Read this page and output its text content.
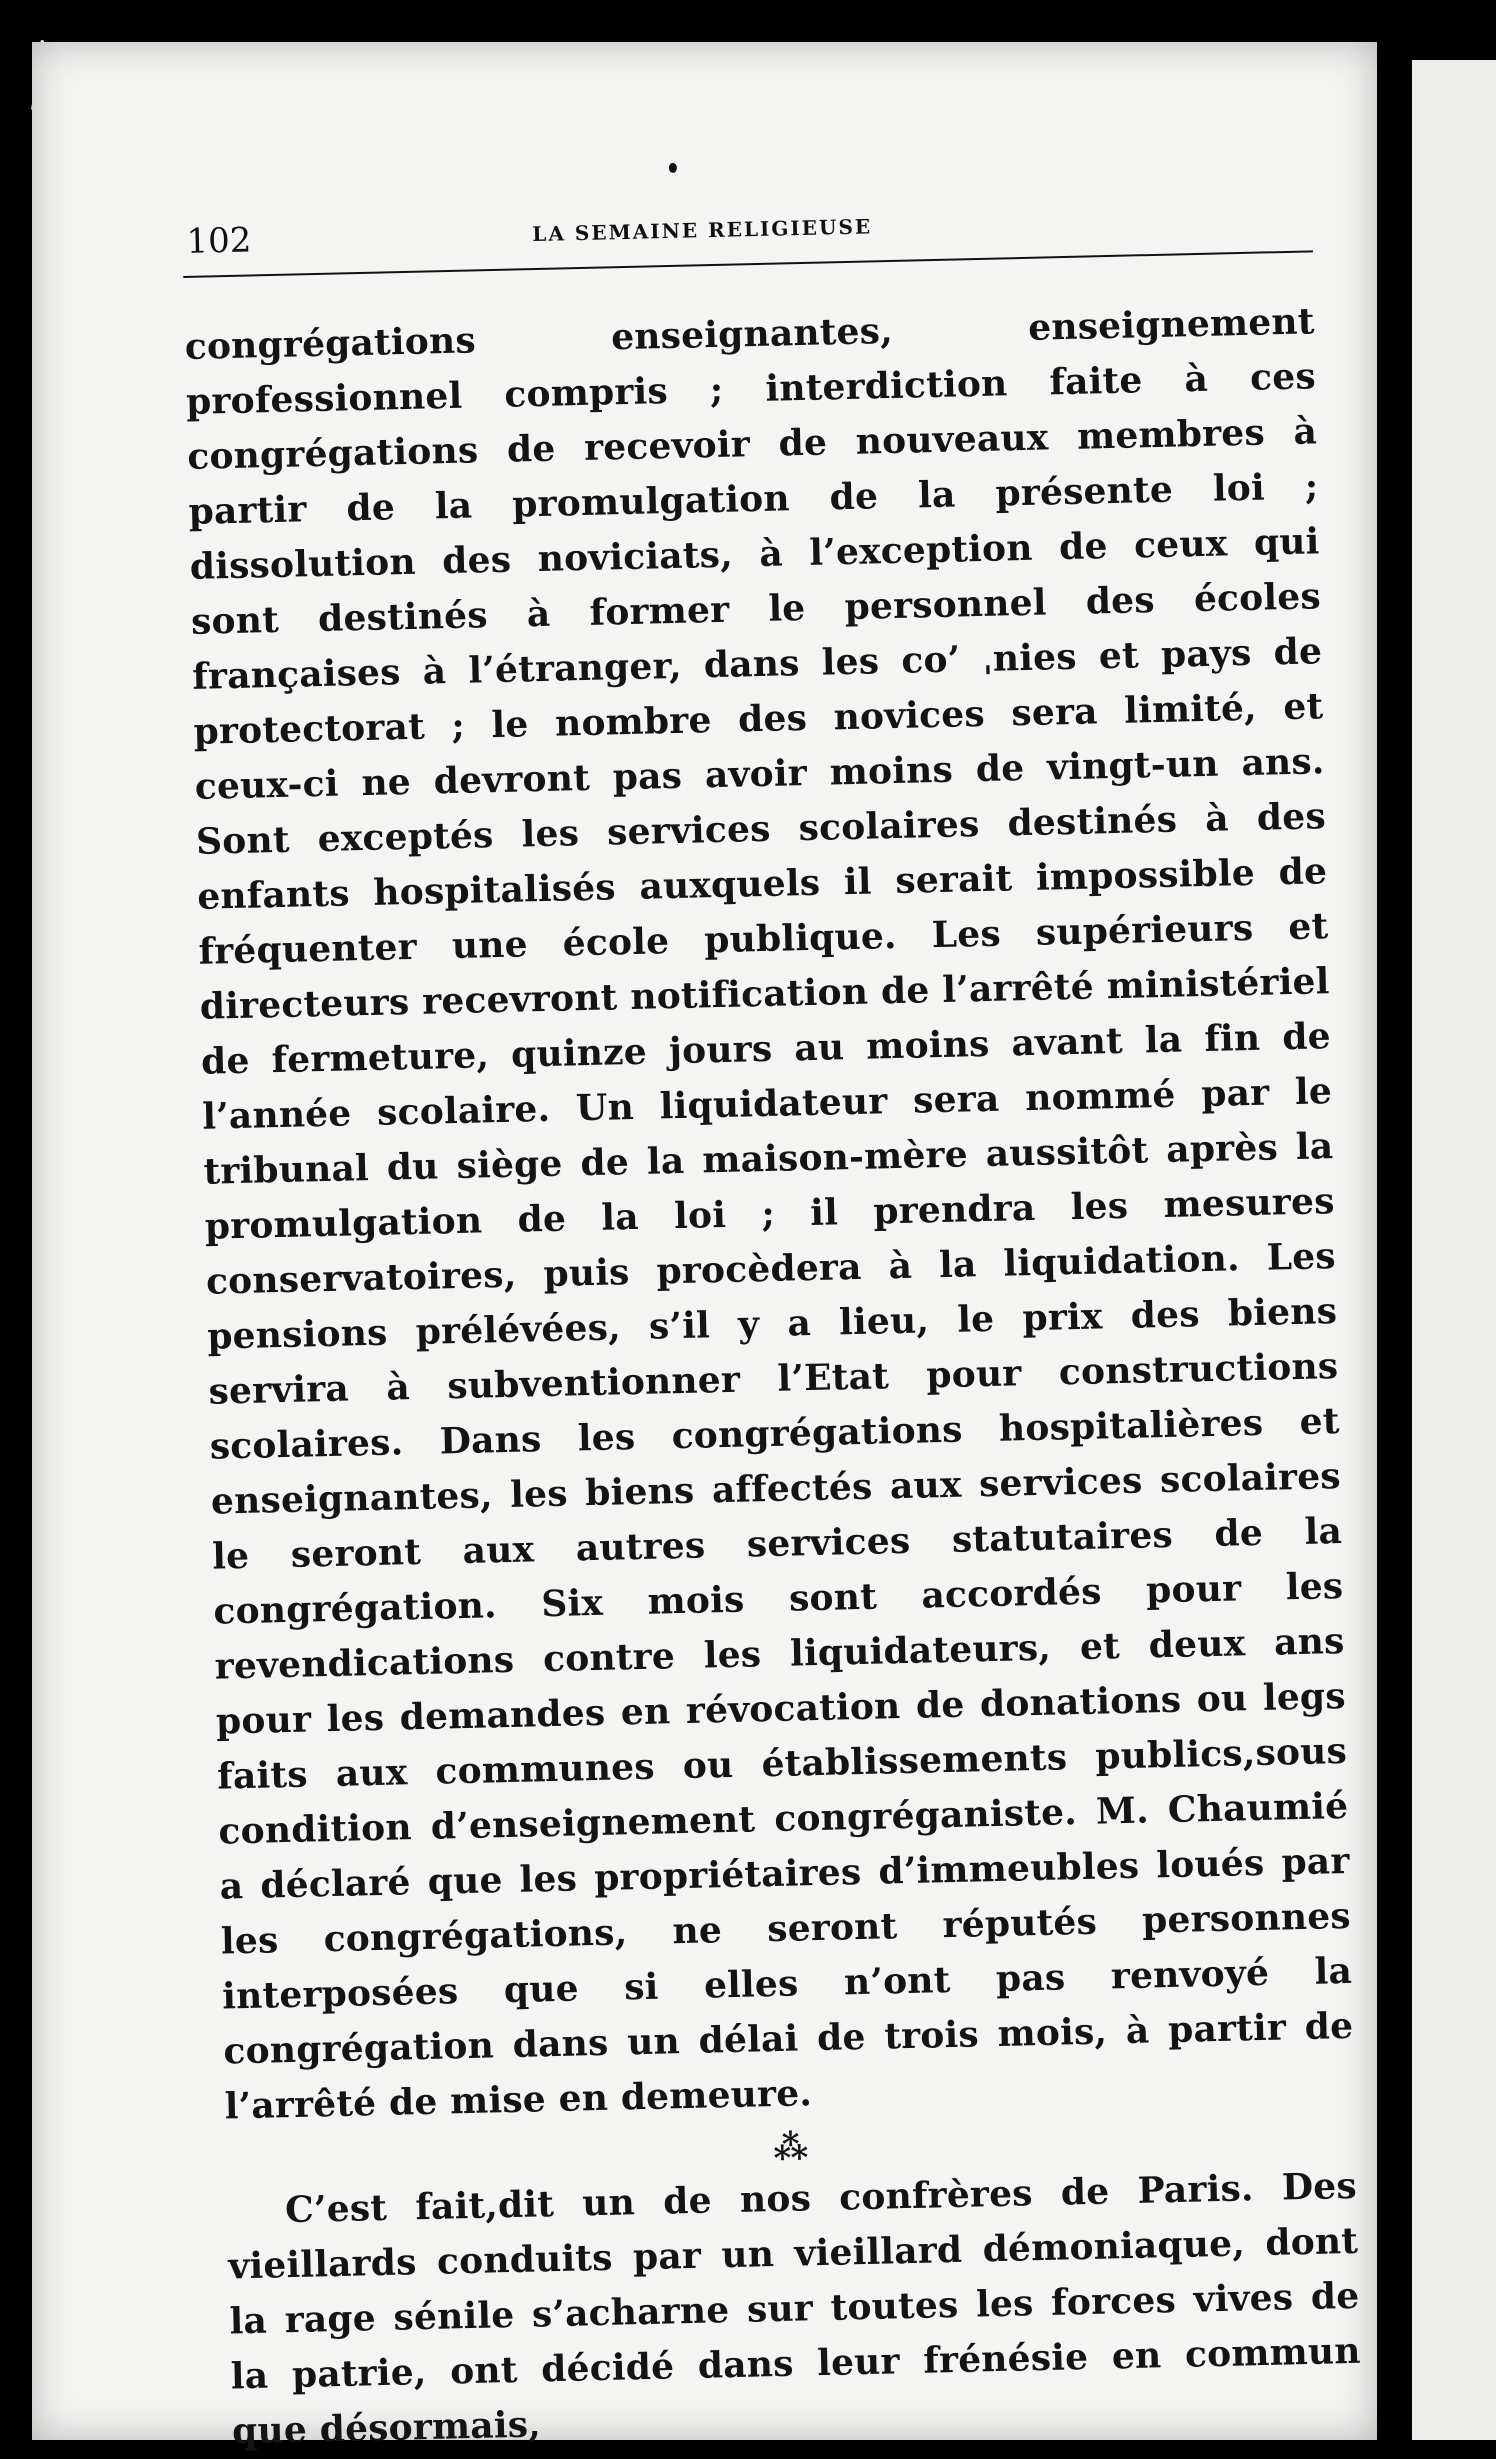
102	LA SEMAINE RELIGIEUSE

congrégations enseignantes, enseignement professionnel compris ; interdiction faite à ces congrégations de recevoir de nouveaux membres à partir de la promulgation de la présente loi ; dissolution des noviciats, à l’exception de ceux qui sont destinés à former le personnel des écoles françaises à l’étranger, dans les co’ ˌnies et pays de protectorat ; le nombre des novices sera limité, et ceux-ci ne devront pas avoir moins de vingt-un ans. Sont exceptés les services scolaires destinés à des enfants hospitalisés auxquels il serait impossible de fréquenter une école publique. Les supérieurs et directeurs recevront notification de l’arrêté ministériel de fermeture, quinze jours au moins avant la fin de l’année scolaire. Un liquidateur sera nommé par le tribunal du siège de la maison-mère aussitôt après la promulgation de la loi ; il prendra les mesures conservatoires, puis procèdera à la liquidation. Les pensions prélévées, s’il y a lieu, le prix des biens servira à subventionner l’Etat pour constructions scolaires. Dans les congrégations hospitalières et enseignantes, les biens affectés aux services scolaires le seront aux autres services statutaires de la congrégation. Six mois sont accordés pour les revendications contre les liquidateurs, et deux ans pour les demandes en révocation de donations ou legs faits aux communes ou établissements publics,sous condition d’enseignement congréganiste. M. Chaumié a déclaré que les propriétaires d’immeubles loués par les congrégations, ne seront réputés personnes interposées que si elles n’ont pas renvoyé la congrégation dans un délai de trois mois, à partir de l’arrêté de mise en demeure.

⁂

C’est fait,dit un de nos confrères de Paris. Des vieillards conduits par un vieillard démoniaque, dont la rage sénile s’acharne sur toutes les forces vives de la patrie, ont décidé dans leur frénésie en commun que désormais,
